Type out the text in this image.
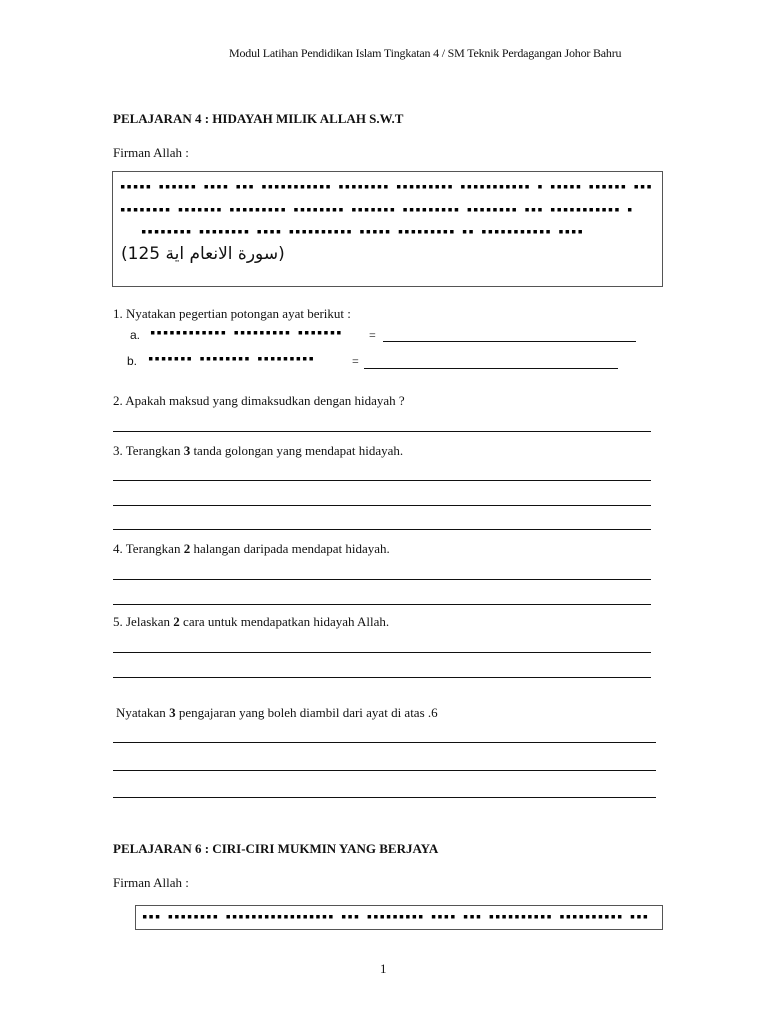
Modul Latihan Pendidikan Islam Tingkatan 4 / SM Teknik Perdagangan Johor Bahru
PELAJARAN 4 : HIDAYAH MILIK ALLAH S.W.T
Firman Allah :
▪▪▪▪▪ ▪▪▪▪▪▪ ▪▪▪▪ ▪▪▪ ▪▪▪▪▪▪▪▪▪▪▪ ▪▪▪▪▪▪▪▪ ▪▪▪▪▪▪▪▪▪ ▪▪▪▪▪▪▪▪▪▪▪ ▪ ▪▪▪▪▪ ▪▪▪▪▪▪ ▪▪▪
▪▪▪▪▪▪▪▪ ▪▪▪▪▪▪▪ ▪▪▪▪▪▪▪▪▪ ▪▪▪▪▪▪▪▪ ▪▪▪▪▪▪▪ ▪▪▪▪▪▪▪▪▪ ▪▪▪▪▪▪▪▪ ▪▪▪ ▪▪▪▪▪▪▪▪▪▪▪ ▪
▪▪▪▪▪▪▪▪ ▪▪▪▪▪▪▪▪ ▪▪▪▪ ▪▪▪▪▪▪▪▪▪▪ ▪▪▪▪▪ ▪▪▪▪▪▪▪▪▪ ▪▪ ▪▪▪▪▪▪▪▪▪▪▪ ▪▪▪▪
(سورة الانعام اية 125)
1. Nyatakan pegertian potongan ayat berikut :
a. ▪▪▪▪▪▪▪▪▪▪▪▪ ▪▪▪▪▪▪▪▪▪ ▪▪▪▪▪▪▪ =
b. ▪▪▪▪▪▪▪ ▪▪▪▪▪▪▪▪ ▪▪▪▪▪▪▪▪▪	=
2. Apakah maksud yang dimaksudkan dengan hidayah ?
3. Terangkan 3 tanda golongan yang mendapat hidayah.
4. Terangkan 2 halangan daripada mendapat hidayah.
5. Jelaskan 2 cara untuk mendapatkan hidayah Allah.
Nyatakan 3 pengajaran yang boleh diambil dari ayat di atas .6
PELAJARAN 6 : CIRI-CIRI MUKMIN YANG BERJAYA
Firman Allah :
▪▪▪ ▪▪▪▪▪▪▪▪ ▪▪▪▪▪▪▪▪▪▪▪▪▪▪▪▪▪ ▪▪▪ ▪▪▪▪▪▪▪▪▪ ▪▪▪▪ ▪▪▪ ▪▪▪▪▪▪▪▪▪▪ ▪▪▪▪▪▪▪▪▪▪ ▪▪▪
1
